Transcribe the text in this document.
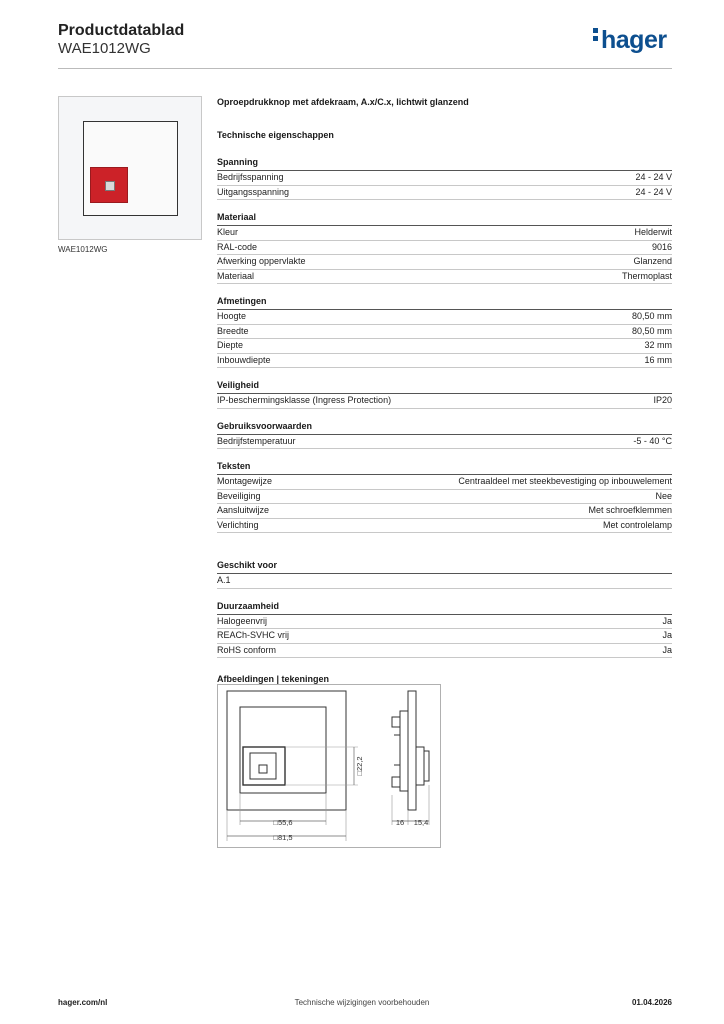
Productdatablad
WAE1012WG	hager
WAE1012WG
Oproepdrukknop met afdekraam, A.x/C.x, lichtwit glanzend
Technische eigenschappen
Spanning
Bedrijfsspanning	24 - 24 V
Uitgangsspanning	24 - 24 V
Materiaal
Kleur	Helderwit
RAL-code	9016
Afwerking oppervlakte	Glanzend
Materiaal	Thermoplast
Afmetingen
Hoogte	80,50 mm
Breedte	80,50 mm
Diepte	32 mm
Inbouwdiepte	16 mm
Veiligheid
IP-beschermingsklasse (Ingress Protection)	IP20
Gebruiksvoorwaarden
Bedrijfstemperatuur	-5 - 40 °C
Teksten
Montagewijze	Centraaldeel met steekbevestiging op inbouwelement
Beveiliging	Nee
Aansluitwijze	Met schroefklemmen
Verlichting	Met controlelamp
Geschikt voor
A.1
Duurzaamheid
Halogeenvrij	Ja
REACh-SVHC vrij	Ja
RoHS conform	Ja
Afbeeldingen | tekeningen
□22,2
□55,6
□81,5
16 15,4
hager.com/nl	Technische wijzigingen voorbehouden	01.04.2026
